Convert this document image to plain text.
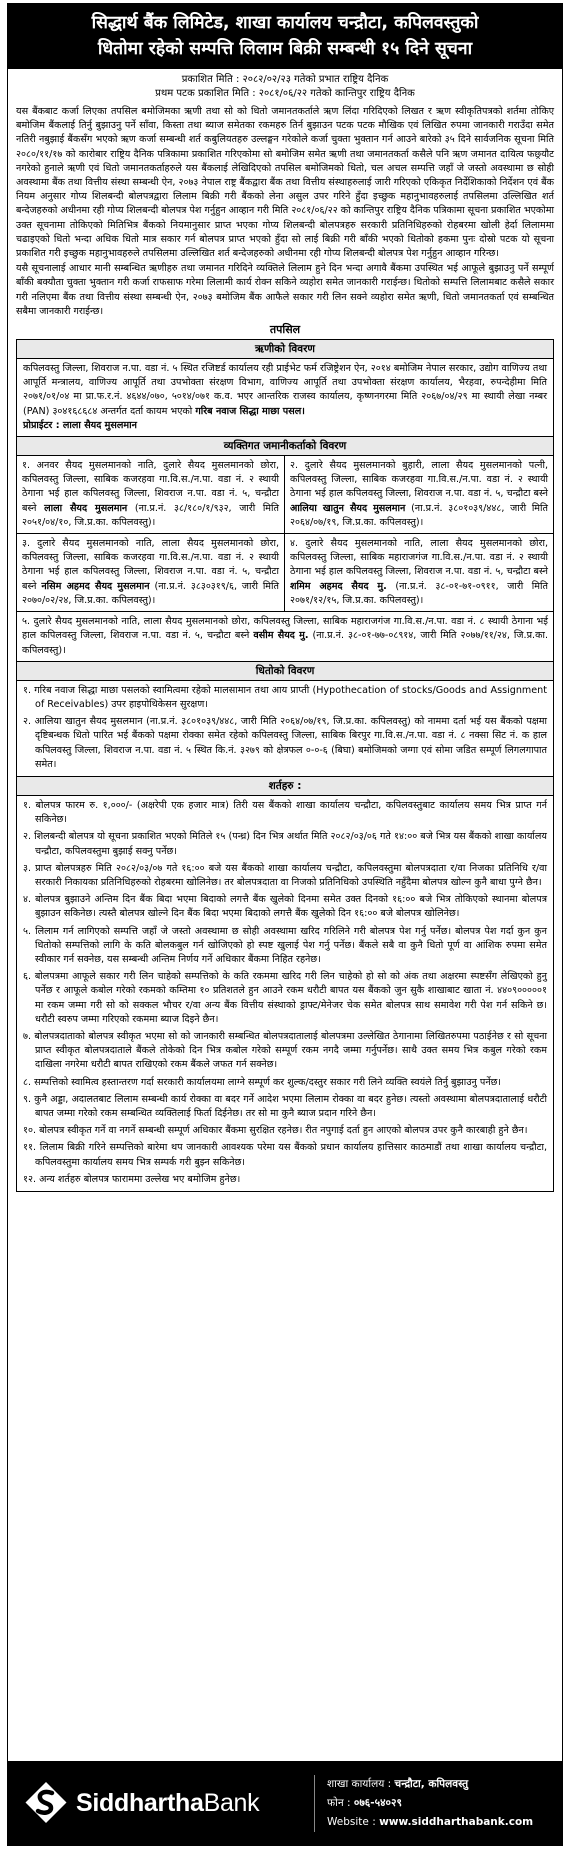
सिद्धार्थ बैंक लिमिटेड, शाखा कार्यालय चन्द्रौटा, कपिलवस्तुको
धितोमा रहेको सम्पत्ति लिलाम बिक्री सम्बन्धी १५ दिने सूचना
प्रकाशित मिति : २०८२/०२/२३ गतेको प्रभात राष्ट्रिय दैनिक
प्रथम पटक प्रकाशित मिति : २०८१/०६/२२ गतेको कान्तिपुर राष्ट्रिय दैनिक

यस बैंकबाट कर्जा लिएका तपसिल बमोजिमका ऋणी तथा सो को धितो जमानतकर्ताले ऋण लिंदा गरिदिएको लिखत र ऋण स्वीकृतिपत्रको शर्तमा तोकिए बमोजिम बैंकलाई तिर्नु बुझाउनु पर्ने साँवा, किस्ता तथा ब्याज समेतका रकमहरु तिर्न बुझाउन पटक पटक मौखिक एवं लिखित रुपमा जानकारी गराउँदा समेत नतिरी नबुझाई बैंकसँग भएको ऋण कर्जा सम्बन्धी शर्त कबुलियतहरु उल्लङ्घन गरेकोले कर्जा चुक्ता भुक्तान गर्न आउने बारेको ३५ दिने सार्वजनिक सूचना मिति २०८०/११/१७ को कारोबार राष्ट्रिय दैनिक पत्रिकामा प्रकाशित गरिएकोमा सो बमोजिम समेत ऋणी तथा जमानतकर्ता कसैले पनि ऋण जमानत दायित्व फछ्र्यौट नगरेको हुनाले ऋणी एवं धितो जमानतकर्ताहरुले यस बैंकलाई लेखिदिएको तपसिल बमोजिमको धितो, चल अचल सम्पत्ति जहाँ जे जस्तो अवस्थामा छ सोही अवस्थामा बैंक तथा वित्तीय संस्था सम्बन्धी ऐन, २०७३ नेपाल राष्ट्र बैंकद्वारा बैंक तथा वित्तीय संस्थाहरुलाई जारी गरिएको एकिकृत निर्देशिकाको निर्देशन एवं बैंक नियम अनुसार गोप्य शिलबन्दी बोलपत्रद्वारा लिलाम बिक्री गरी बैंकको लेना असुल उपर गरिने हुँदा इच्छुक महानुभावहरुलाई तपसिलमा उल्लिखित शर्त बन्देजहरुको अधीनमा रही गोप्य शिलबन्दी बोलपत्र पेश गर्नुहुन आव्हान गरी मिति २०८१/०६/२२ को कान्तिपुर राष्ट्रिय दैनिक पत्रिकामा सूचना प्रकाशित भएकोमा उक्त सूचनामा तोकिएको मितिभित्र बैंकको नियमानुसार प्राप्त भएका गोप्य शिलबन्दी बोलपत्रहरु सरकारी प्रतिनिधिहरुको रोहबरमा खोली हेर्दा लिलाममा चढाइएको धितो भन्दा अधिक धितो मात्र सकार गर्न बोलपत्र प्राप्त भएको हुँदा सो लाई बिक्री गरी बाँकी भएको धितोको हकमा पुनः दोस्रो पटक यो सूचना प्रकाशित गरी इच्छुक महानुभावहरुले तपसिलमा उल्लिखित शर्त बन्देजहरुको अधीनमा रही गोप्य शिलबन्दी बोलपत्र पेश गर्नुहुन आव्हान गरिन्छ।

यसै सूचनालाई आधार मानी सम्बन्धित ऋणीहरु तथा जमानत गरिदिने व्यक्तिले लिलाम हुने दिन भन्दा अगावै बैंकमा उपस्थित भई आफूले बुझाउनु पर्ने सम्पूर्ण बाँकी बक्यौता चुक्ता भुक्तान गरी कर्जा राफसाफ गरेमा लिलामी कार्य रोक्न सकिने व्यहोरा समेत जानकारी गराईन्छ। धितोको सम्पत्ति लिलामबाट कसैले सकार गरी नलिएमा बैंक तथा वित्तीय संस्था सम्बन्धी ऐन, २०७३ बमोजिम बैंक आफैले सकार गरी लिन सक्ने व्यहोरा समेत ऋणी, धितो जमानतकर्ता एवं सम्बन्धित सबैमा जानकारी गराईन्छ।

तपसिल
ऋणीको विवरण
कपिलवस्तु जिल्ला, शिवराज न.पा. वडा नं. ५ स्थित रजिष्टर्ड कार्यालय रही प्राईभेट फर्म रजिष्ट्रेशन ऐन, २०१४ बमोजिम नेपाल सरकार, उद्योग वाणिज्य तथा आपूर्ति मन्त्रालय, वाणिज्य आपूर्ति तथा उपभोक्ता संरक्षण विभाग, वाणिज्य आपूर्ति तथा उपभोक्ता संरक्षण कार्यालय, भैरहवा, रुपन्देहीमा मिति २०७१/०१/०४ मा प्रा.फ.र.नं. ४६४४/०७०, ५०१४/०७१ क.व. भएर आन्तरिक राजस्व कार्यालय, कृष्णनगरमा मिति २०६७/०४/२९ मा स्थायी लेखा नम्बर (PAN) ३०४१६८६८४ अन्तर्गत दर्ता कायम भएको गरिब नवाज सिद्धा माछा पसल।
प्रोप्राईटर : लाला सैयद मुसलमान
व्यक्तिगत जमानीकर्ताको विवरण
१. अनवर सैयद मुसलमानको नाति, दुलारे सैयद मुसलमानको छोरा, कपिलवस्तु जिल्ला, साबिक कजरहवा गा.वि.स./न.पा. वडा नं. २ स्थायी ठेगाना भई हाल कपिलवस्तु जिल्ला, शिवराज न.पा. वडा नं. ५, चन्द्रौटा बस्ने लाला सैयद मुसलमान (ना.प्र.नं. ३८/१८०/१/९३२, जारी मिति २०५१/०४/१०, जि.प्र.का. कपिलवस्तु)।
२. दुलारे सैयद मुसलमानको बुहारी, लाला सैयद मुसलमानको पत्नी, कपिलवस्तु जिल्ला, साबिक कजरहवा गा.वि.स./न.पा. वडा नं. २ स्थायी ठेगाना भई हाल कपिलवस्तु जिल्ला, शिवराज न.पा. वडा नं. ५, चन्द्रौटा बस्ने आलिया खातुन सैयद मुसलमान (ना.प्र.नं. ३८०१०३९/४४८, जारी मिति २०६४/०७/१९, जि.प्र.का. कपिलवस्तु)।
३. दुलारे सैयद मुसलमानको नाति, लाला सैयद मुसलमानको छोरा, कपिलवस्तु जिल्ला, साबिक कजरहवा गा.वि.स./न.पा. वडा नं. २ स्थायी ठेगाना भई हाल कपिलवस्तु जिल्ला, शिवराज न.पा. वडा नं. ५, चन्द्रौटा बस्ने नसिम अहमद सैयद मुसलमान (ना.प्र.नं. ३८३०३१९/६, जारी मिति २०७०/०२/२४, जि.प्र.का. कपिलवस्तु)।
४. दुलारे सैयद मुसलमानको नाति, लाला सैयद मुसलमानको छोरा, कपिलवस्तु जिल्ला, साबिक महाराजगंज गा.वि.स./न.पा. वडा नं. २ स्थायी ठेगाना भई हाल कपिलवस्तु जिल्ला, शिवराज न.पा. वडा नं. ५, चन्द्रौटा बस्ने शमिम अहमद सैयद मु. (ना.प्र.नं. ३८-०१-७१-०९११, जारी मिति २०७१/१२/१५, जि.प्र.का. कपिलवस्तु)।
५. दुलारे सैयद मुसलमानको नाति, लाला सैयद मुसलमानको छोरा, कपिलवस्तु जिल्ला, साबिक महाराजगंज गा.वि.स./न.पा. वडा नं. ८ स्थायी ठेगाना भई हाल कपिलवस्तु जिल्ला, शिवराज न.पा. वडा नं. ५, चन्द्रौटा बस्ने वसीम सैयद मु. (ना.प्र.नं. ३८-०१-७७-०८९१४, जारी मिति २०७७/११/२४, जि.प्र.का. कपिलवस्तु)।
धितोको विवरण
१. गरिब नवाज सिद्धा माछा पसलको स्वामित्वमा रहेको मालसामान तथा आय प्राप्ती (Hypothecation of stocks/Goods and Assignment of Receivables) उपर हाइपोथिकेसन सुरक्षण।
२. आलिया खातुन सैयद मुसलमान (ना.प्र.नं. ३८०१०३९/४४८, जारी मिति २०६४/०७/१९, जि.प्र.का. कपिलवस्तु) को नाममा दर्ता भई यस बैंकको पक्षमा दृष्टिबन्धक धितो पारित भई बैंकको पक्षमा रोक्का समेत रहेको कपिलवस्तु जिल्ला, साबिक बिरपुर गा.वि.स./न.पा. वडा नं. ८ नक्सा सिट नं. क हाल कपिलवस्तु जिल्ला, शिवराज न.पा. वडा नं. ५ स्थित कि.नं. ३२७९ को क्षेत्रफल ०-०-६ (बिघा) बमोजिमको जग्गा एवं सोमा जडित सम्पूर्ण लिगलगापात समेत।
शर्तहरु :
१. बोलपत्र फारम रु. १,०००/- (अक्षरेपी एक हजार मात्र) तिरी यस बैंकको शाखा कार्यालय चन्द्रौटा, कपिलवस्तुबाट कार्यालय समय भित्र प्राप्त गर्न सकिनेछ।
२. शिलबन्दी बोलपत्र यो सूचना प्रकाशित भएको मितिले १५ (पन्ध्र) दिन भित्र अर्थात मिति २०८२/०३/०६ गते १४:०० बजे भित्र यस बैंकको शाखा कार्यालय चन्द्रौटा, कपिलवस्तुमा बुझाई सक्नु पर्नेछ।
३. प्राप्त बोलपत्रहरु मिति २०८२/०३/०७ गते १६:०० बजे यस बैंकको शाखा कार्यालय चन्द्रौटा, कपिलवस्तुमा बोलपत्रदाता र/वा निजका प्रतिनिधि र/वा सरकारी निकायका प्रतिनिधिहरुको रोहबरमा खोलिनेछ। तर बोलपत्रदाता वा निजको प्रतिनिधिको उपस्थिति नहुँदैमा बोलपत्र खोल्न कुनै बाधा पुग्ने छैन।
४. बोलपत्र बुझाउने अन्तिम दिन बैंक बिदा भएमा बिदाको लगत्तै बैंक खुलेको दिनमा समेत उक्त दिनको १६:०० बजे भित्र तोकिएको स्थानमा बोलपत्र बुझाउन सकिनेछ। त्यस्तै बोलपत्र खोल्ने दिन बैंक बिदा भएमा बिदाको लगत्तै बैंक खुलेको दिन १६:०० बजे बोलपत्र खोलिनेछ।
५. लिलाम गर्न लागिएको सम्पत्ति जहाँ जे जस्तो अवस्थामा छ सोही अवस्थामा खरिद गरिलिने गरी बोलपत्र पेश गर्नु पर्नेछ। बोलपत्र पेश गर्दा कुन कुन धितोको सम्पत्तिको लागि के कति बोलकबुल गर्न खोजिएको हो स्पष्ट खुलाई पेश गर्नु पर्नेछ। बैंकले सबै वा कुनै धितो पूर्ण वा आंशिक रुपमा समेत स्वीकार गर्न सक्नेछ, यस सम्बन्धी अन्तिम निर्णय गर्ने अधिकार बैंकमा निहित रहनेछ।
६. बोलपत्रमा आफूले सकार गरी लिन चाहेको सम्पत्तिको के कति रकममा खरिद गरी लिन चाहेको हो सो को अंक तथा अक्षरमा स्पष्टसँग लेखिएको हुनु पर्नेछ र आफूले कबोल गरेको रकमको कम्तिमा १० प्रतिशतले हुन आउने रकम धरौटी बापत यस बैंकको जुन सुकै शाखाबाट खाता नं. ४४०९०००००१ मा रकम जम्मा गरी सो को सक्कल भौचर र/वा अन्य बैंक वित्तीय संस्थाको ड्राफ्ट/मेनेजर चेक समेत बोलपत्र साथ समावेश गरी पेश गर्न सकिने छ। धरौटी स्वरुप जम्मा गरिएको रकममा ब्याज दिइने छैन।
७. बोलपत्रदाताको बोलपत्र स्वीकृत भएमा सो को जानकारी सम्बन्धित बोलपत्रदातालाई बोलपत्रमा उल्लेखित ठेगानामा लिखितरुपमा पठाईनेछ र सो सूचना प्राप्त स्वीकृत बोलपत्रदाताले बैंकले तोकेको दिन भित्र कबोल गरेको सम्पूर्ण रकम नगदै जम्मा गर्नुपर्नेछ। साथै उक्त समय भित्र कबुल गरेको रकम दाखिला नगरेमा धरौटी बापत राखिएको रकम बैंकले जफत गर्न सक्नेछ।
८. सम्पत्तिको स्वामित्व हस्तान्तरण गर्दा सरकारी कार्यालयमा लाग्ने सम्पूर्ण कर शुल्क/दस्तुर सकार गरी लिने व्यक्ति स्वयंले तिर्नु बुझाउनु पर्नेछ।
९. कुनै अड्डा, अदालतबाट लिलाम सम्बन्धी कार्य रोक्का वा बदर गर्ने आदेश भएमा लिलाम रोक्का वा बदर हुनेछ। त्यस्तो अवस्थामा बोलपत्रदातालाई धरौटी बापत जम्मा गरेको रकम सम्बन्धित व्यक्तिलाई फिर्ता दिईनेछ। तर सो मा कुनै ब्याज प्रदान गरिने छैन।
१०. बोलपत्र स्वीकृत गर्ने वा नगर्ने सम्बन्धी सम्पूर्ण अधिकार बैंकमा सुरक्षित रहनेछ। रीत नपुगाई दर्ता हुन आएको बोलपत्र उपर कुनै कारबाही हुने छैन।
११. लिलाम बिक्री गरिने सम्पत्तिको बारेमा थप जानकारी आवश्यक परेमा यस बैंकको प्रधान कार्यालय हात्तिसार काठमाडौं तथा शाखा कार्यालय चन्द्रौटा, कपिलवस्तुमा कार्यालय समय भित्र सम्पर्क गरी बुझ्न सकिनेछ।
१२. अन्य शर्तहरु बोलपत्र फाराममा उल्लेख भए बमोजिम हुनेछ।
SiddharthaBank
शाखा कार्यालय : चन्द्रौटा, कपिलवस्तु
फोन : ०७६-५४०२९
Website : www.siddharthabank.com
